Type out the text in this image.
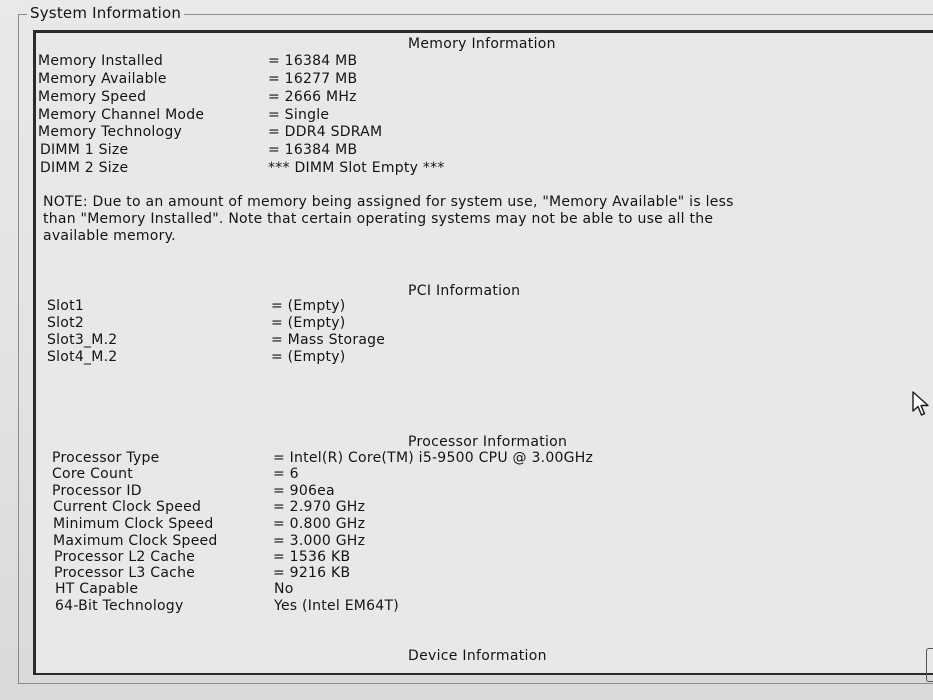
System Information
Memory Information
Memory Installed	= 16384 MB
Memory Available	= 16277 MB
Memory Speed	= 2666 MHz
Memory Channel Mode	= Single
Memory Technology	= DDR4 SDRAM
DIMM 1 Size	= 16384 MB
DIMM 2 Size	*** DIMM Slot Empty ***
NOTE: Due to an amount of memory being assigned for system use, "Memory Available" is less
than "Memory Installed". Note that certain operating systems may not be able to use all the
available memory.
PCI Information
Slot1	= (Empty)
Slot2	= (Empty)
Slot3_M.2	= Mass Storage
Slot4_M.2	= (Empty)
Processor Information
Processor Type	= Intel(R) Core(TM) i5-9500 CPU @ 3.00GHz
Core Count	= 6
Processor ID	= 906ea
Current Clock Speed	= 2.970 GHz
Minimum Clock Speed	= 0.800 GHz
Maximum Clock Speed	= 3.000 GHz
Processor L2 Cache	= 1536 KB
Processor L3 Cache	= 9216 KB
HT Capable	No
64-Bit Technology	Yes (Intel EM64T)
Device Information
